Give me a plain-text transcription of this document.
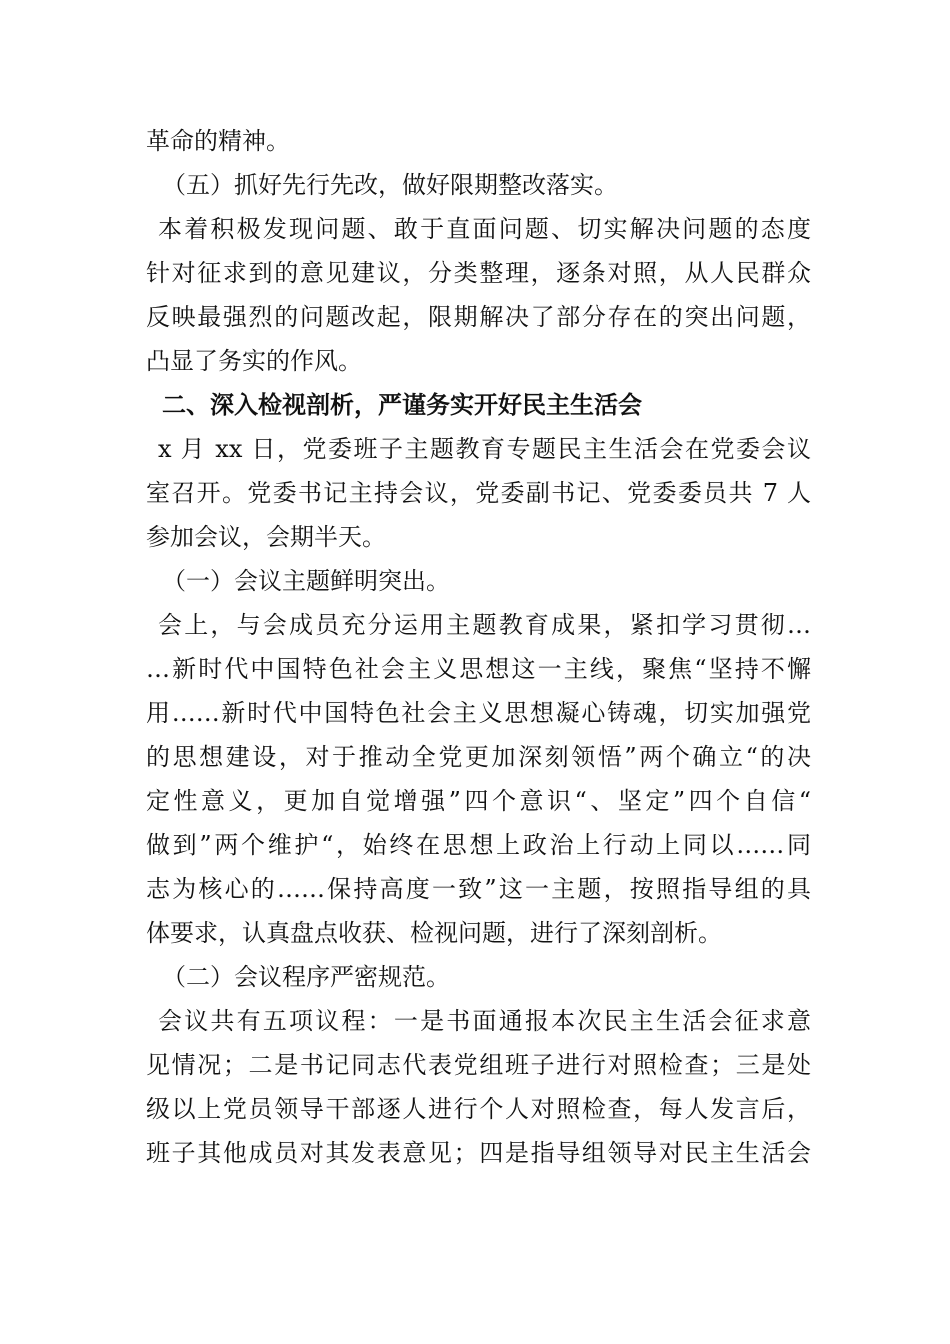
革命的精神。
（五）抓好先行先改，做好限期整改落实。
本着积极发现问题、敢于直面问题、切实解决问题的态度
针对征求到的意见建议，分类整理，逐条对照，从人民群众
反映最强烈的问题改起，限期解决了部分存在的突出问题，
凸显了务实的作风。
二、深入检视剖析，严谨务实开好民主生活会
x 月 xx 日，党委班子主题教育专题民主生活会在党委会议
室召开。党委书记主持会议，党委副书记、党委委员共 7 人
参加会议，会期半天。
（一）会议主题鲜明突出。
会上，与会成员充分运用主题教育成果，紧扣学习贯彻…
…新时代中国特色社会主义思想这一主线，聚焦“坚持不懈
用……新时代中国特色社会主义思想凝心铸魂，切实加强党
的思想建设，对于推动全党更加深刻领悟”两个确立“的决
定性意义，更加自觉增强”四个意识“、坚定”四个自信“
做到”两个维护“，始终在思想上政治上行动上同以……同
志为核心的……保持高度一致”这一主题，按照指导组的具
体要求，认真盘点收获、检视问题，进行了深刻剖析。
（二）会议程序严密规范。
会议共有五项议程：一是书面通报本次民主生活会征求意
见情况；二是书记同志代表党组班子进行对照检查；三是处
级以上党员领导干部逐人进行个人对照检查，每人发言后，
班子其他成员对其发表意见；四是指导组领导对民主生活会
